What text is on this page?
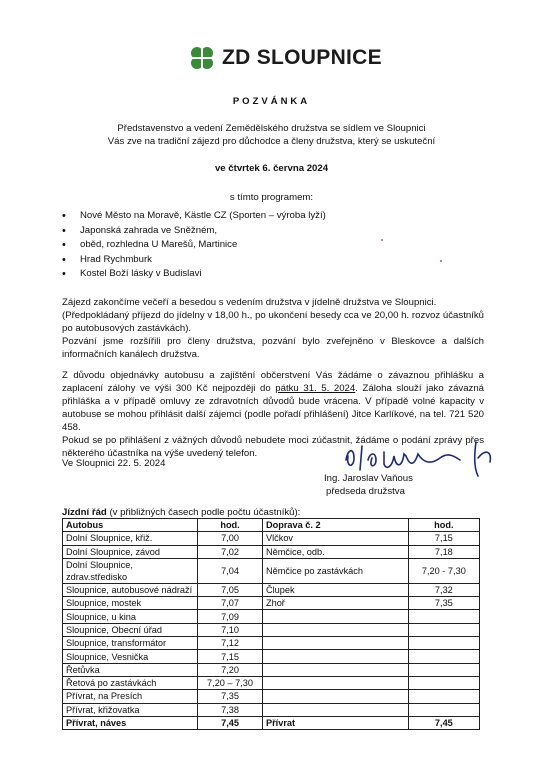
ZD SLOUPNICE
POZVÁNKA
Představenstvo a vedení Zemědělského družstva se sídlem ve Sloupnici
Vás zve na tradiční zájezd pro důchodce a členy družstva, který se uskuteční
ve čtvrtek 6. června 2024
s tímto programem:
• Nové Město na Moravě, Kästle CZ (Sporten – výroba lyží)
• Japonská zahrada ve Sněžném,
• oběd, rozhledna U Marešů, Martinice
• Hrad Rychmburk
• Kostel Boží lásky v Budislavi
Zájezd zakončíme večeří a besedou s vedením družstva v jídelně družstva ve Sloupnici.
(Předpokládaný příjezd do jídelny v 18,00 h., po ukončení besedy cca ve 20,00 h. rozvoz účastníků po autobusových zastávkách).
Pozvání jsme rozšířili pro členy družstva, pozvání bylo zveřejněno v Bleskovce a dalších informačních kanálech družstva.
Z důvodu objednávky autobusu a zajištění občerstvení Vás žádáme o závaznou přihlášku a zaplacení zálohy ve výši 300 Kč nejpozději do pátku 31. 5. 2024. Záloha slouží jako závazná přihláška a v případě omluvy ze zdravotních důvodů bude vrácena. V případě volné kapacity v autobuse se mohou přihlásit další zájemci (podle pořadí přihlášení) Jitce Karlíkové, na tel. 721 520 458.
Pokud se po přihlášení z vážných důvodů nebudete moci zúčastnit, žádáme o podání zprávy přes některého účastníka na výše uvedený telefon.
Ve Sloupnici 22. 5. 2024
Ing. Jaroslav Vaňous
předseda družstva
Jízdní řád (v přibližných časech podle počtu účastníků):
Autobus	hod.	Doprava č. 2	hod.
Dolní Sloupnice, křiž.	7,00	Vlčkov	7,15
Dolní Sloupnice, závod	7,02	Němčice, odb.	7,18
Dolní Sloupnice, zdrav.středisko	7,04	Němčice po zastávkách	7,20 - 7,30
Sloupnice, autobusové nádraží	7,05	Člupek	7,32
Sloupnice, mostek	7,07	Zhoř	7,35
Sloupnice, u kina	7,09		
Sloupnice, Obecní úřad	7,10		
Sloupnice, transformátor	7,12		
Sloupnice, Vesnička	7,15		
Řetůvka	7,20		
Řetová po zastávkách	7,20 – 7,30		
Přívrat, na Presích	7,35		
Přívrat, křižovatka	7,38		
Přívrat, náves	7,45	Přívrat	7,45
